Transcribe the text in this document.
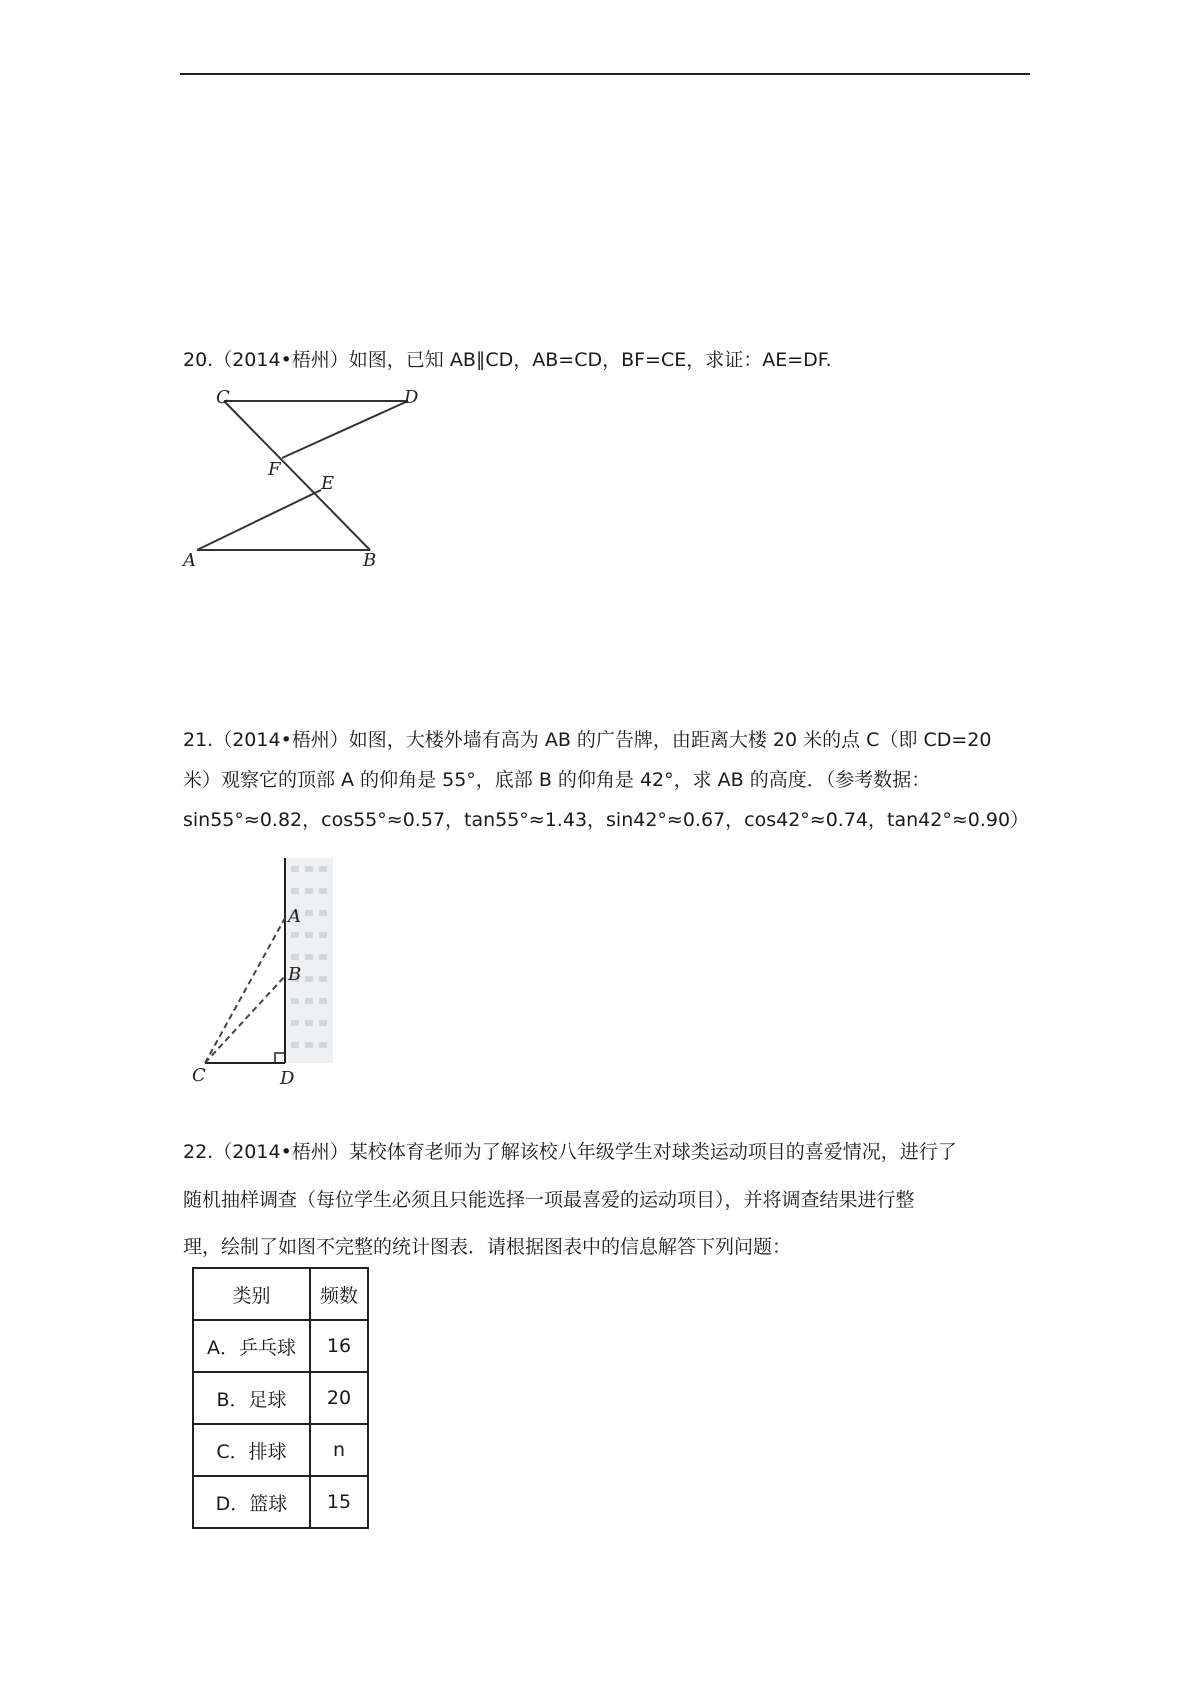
20.（2014•梧州）如图，已知 AB∥CD，AB=CD，BF=CE，求证：AE=DF.
C	D
F
E
A	B
21.（2014•梧州）如图，大楼外墙有高为 AB 的广告牌，由距离大楼 20 米的点 C（即 CD=20
米）观察它的顶部 A 的仰角是 55°，底部 B 的仰角是 42°，求 AB 的高度．（参考数据：
sin55°≈0.82，cos55°≈0.57，tan55°≈1.43，sin42°≈0.67，cos42°≈0.74，tan42°≈0.90）
A
B
C	D
22.（2014•梧州）某校体育老师为了解该校八年级学生对球类运动项目的喜爱情况，进行了
随机抽样调查（每位学生必须且只能选择一项最喜爱的运动项目），并将调查结果进行整
理，绘制了如图不完整的统计图表．请根据图表中的信息解答下列问题：
类别	频数
A．乒乓球	16
B．足球	20
C．排球	n
D．篮球	15
